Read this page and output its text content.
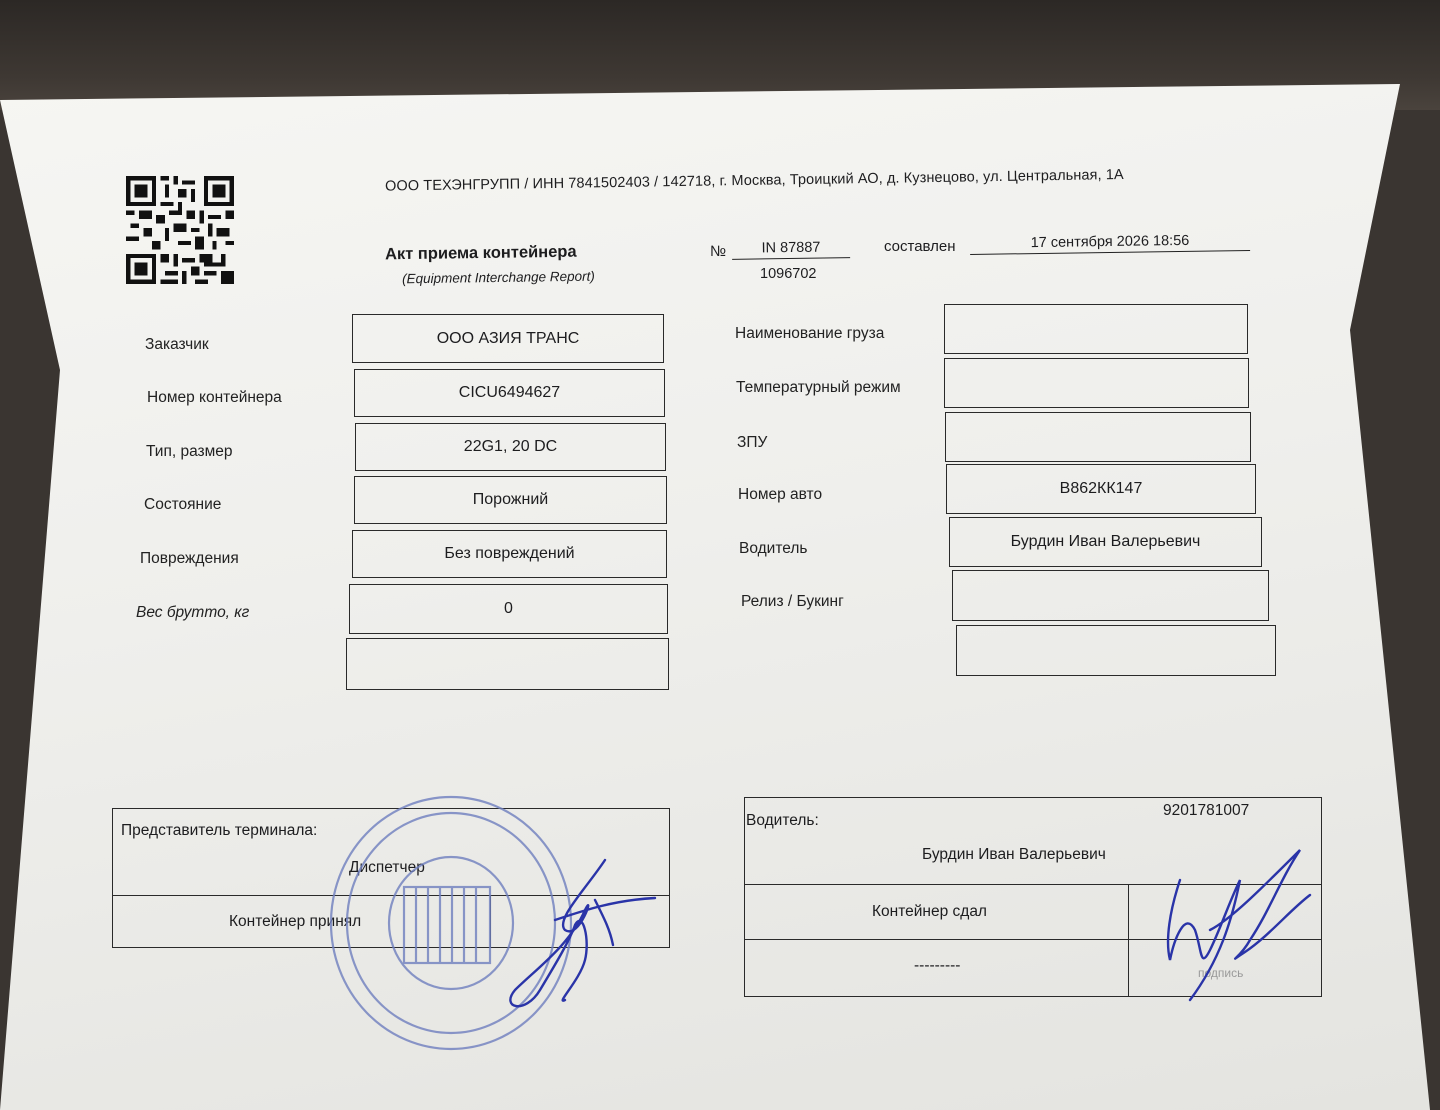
ООО ТЕХЭНГРУПП / ИНН 7841502403 / 142718, г. Москва, Троицкий АО, д. Кузнецово, ул. Центральная, 1А
Акт приема контейнера
(Equipment Interchange Report)
№	IN 87887
1096702
составлен	17 сентября 2026 18:56
Заказчик	ООО АЗИЯ ТРАНС
Номер контейнера	CICU6494627
Тип, размер	22G1, 20 DC
Состояние	Порожний
Повреждения	Без повреждений
Вес брутто, кг	0
Наименование груза
Температурный режим
ЗПУ
Номер авто	В862КК147
Водитель	Бурдин Иван Валерьевич
Релиз / Букинг
Представитель терминала:
Диспетчер
Контейнер принял
Водитель:
9201781007
Бурдин Иван Валерьевич
Контейнер сдал
---------	подпись
